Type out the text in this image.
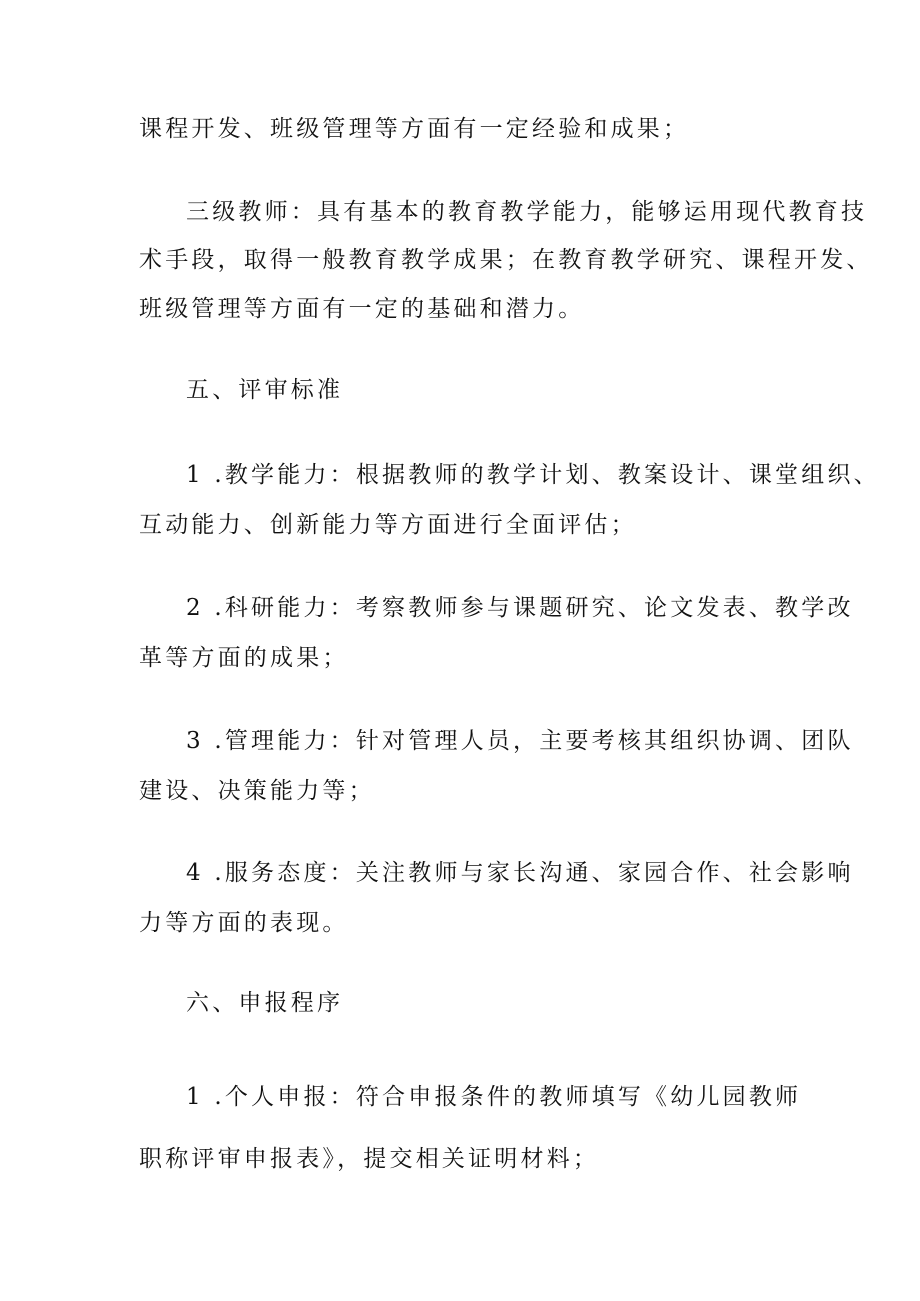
课程开发、班级管理等方面有一定经验和成果；
三级教师：具有基本的教育教学能力，能够运用现代教育技
术手段，取得一般教育教学成果；在教育教学研究、课程开发、
班级管理等方面有一定的基础和潜力。
五、评审标准
1 .教学能力：根据教师的教学计划、教案设计、课堂组织、
互动能力、创新能力等方面进行全面评估；
2 .科研能力：考察教师参与课题研究、论文发表、教学改
革等方面的成果；
3 .管理能力：针对管理人员，主要考核其组织协调、团队
建设、决策能力等；
4 .服务态度：关注教师与家长沟通、家园合作、社会影响
力等方面的表现。
六、申报程序
1 .个人申报：符合申报条件的教师填写《幼儿园教师
职称评审申报表》，提交相关证明材料；
